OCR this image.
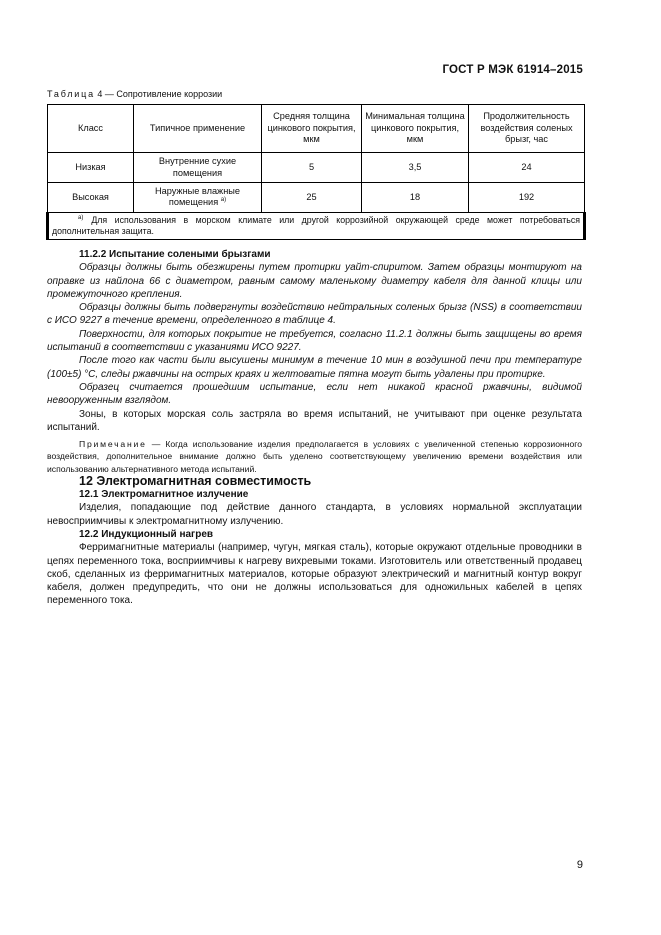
ГОСТ Р МЭК 61914–2015
Таблица 4 — Сопротивление коррозии
Класс	Типичное применение	Средняя толщина цинкового покрытия, мкм	Минимальная толщина цинкового покрытия, мкм	Продолжительность воздействия соленых брызг, час
Низкая	Внутренние сухие помещения	5	3,5	24
Высокая	Наружные влажные помещения $^{а)}$	25	18	192
$^{а)}$ Для использования в морском климате или другой коррозийной окружающей среде может потребоваться дополнительная защита.				

11.2.2 Испытание солеными брызгами

Образцы должны быть обезжирены путем протирки уайт-спиритом. Затем образцы монтируют на оправке из найлона 66 с диаметром, равным самому маленькому диаметру кабеля для данной клицы или промежуточного крепления.

Образцы должны быть подвергнуты воздействию нейтральных соленых брызг (NSS) в соответствии с ИСО 9227 в течение времени, определенного в таблице 4.

Поверхности, для которых покрытие не требуется, согласно 11.2.1 должны быть защищены во время испытаний в соответствии с указаниями ИСО 9227.

После того как части были высушены минимум в течение 10 мин в воздушной печи при температуре (100±5) °С, следы ржавчины на острых краях и желтоватые пятна могут быть удалены при протирке.

Образец считается прошедшим испытание, если нет никакой красной ржавчины, видимой невооруженным взглядом.

Зоны, в которых морская соль застряла во время испытаний, не учитывают при оценке результата испытаний.

Примечание — Когда использование изделия предполагается в условиях с увеличенной степенью коррозионного воздействия, дополнительное внимание должно быть уделено соответствующему увеличению времени воздействия или использованию альтернативного метода испытаний.

12 Электромагнитная совместимость

12.1 Электромагнитное излучение

Изделия, попадающие под действие данного стандарта, в условиях нормальной эксплуатации невосприимчивы к электромагнитному излучению.

12.2 Индукционный нагрев

Ферримагнитные материалы (например, чугун, мягкая сталь), которые окружают отдельные проводники в цепях переменного тока, восприимчивы к нагреву вихревыми токами. Изготовитель или ответственный продавец скоб, сделанных из ферримагнитных материалов, которые образуют электрический и магнитный контур вокруг кабеля, должен предупредить, что они не должны использоваться для одножильных кабелей в цепях переменного тока.

9
